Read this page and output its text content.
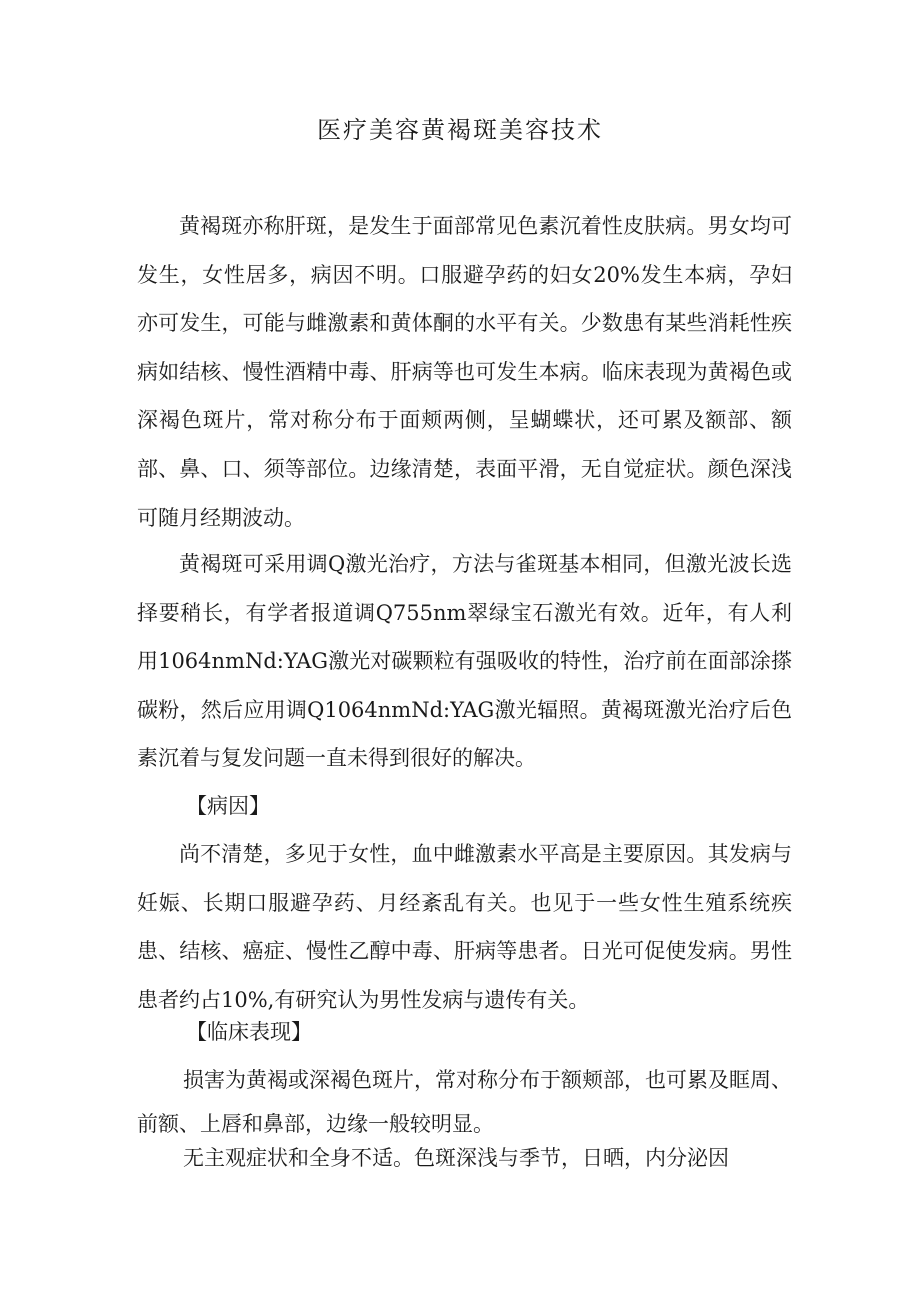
医疗美容黄褐斑美容技术

黄褐斑亦称肝斑，是发生于面部常见色素沉着性皮肤病。男女均可发生，女性居多，病因不明。口服避孕药的妇女20%发生本病，孕妇亦可发生，可能与雌激素和黄体酮的水平有关。少数患有某些消耗性疾病如结核、慢性酒精中毒、肝病等也可发生本病。临床表现为黄褐色或深褐色斑片，常对称分布于面颊两侧，呈蝴蝶状，还可累及额部、额部、鼻、口、须等部位。边缘清楚，表面平滑，无自觉症状。颜色深浅可随月经期波动。

黄褐斑可采用调Q激光治疗，方法与雀斑基本相同，但激光波长选择要稍长，有学者报道调Q755nm翠绿宝石激光有效。近年，有人利用1064nmNd:YAG激光对碳颗粒有强吸收的特性，治疗前在面部涂搽碳粉，然后应用调Q1064nmNd:YAG激光辐照。黄褐斑激光治疗后色素沉着与复发问题一直未得到很好的解决。

【病因】

尚不清楚，多见于女性，血中雌激素水平高是主要原因。其发病与妊娠、长期口服避孕药、月经紊乱有关。也见于一些女性生殖系统疾患、结核、癌症、慢性乙醇中毒、肝病等患者。日光可促使发病。男性患者约占10%,有研究认为男性发病与遗传有关。

【临床表现】

损害为黄褐或深褐色斑片，常对称分布于额颊部，也可累及眶周、前额、上唇和鼻部，边缘一般较明显。

无主观症状和全身不适。色斑深浅与季节，日晒，内分泌因
